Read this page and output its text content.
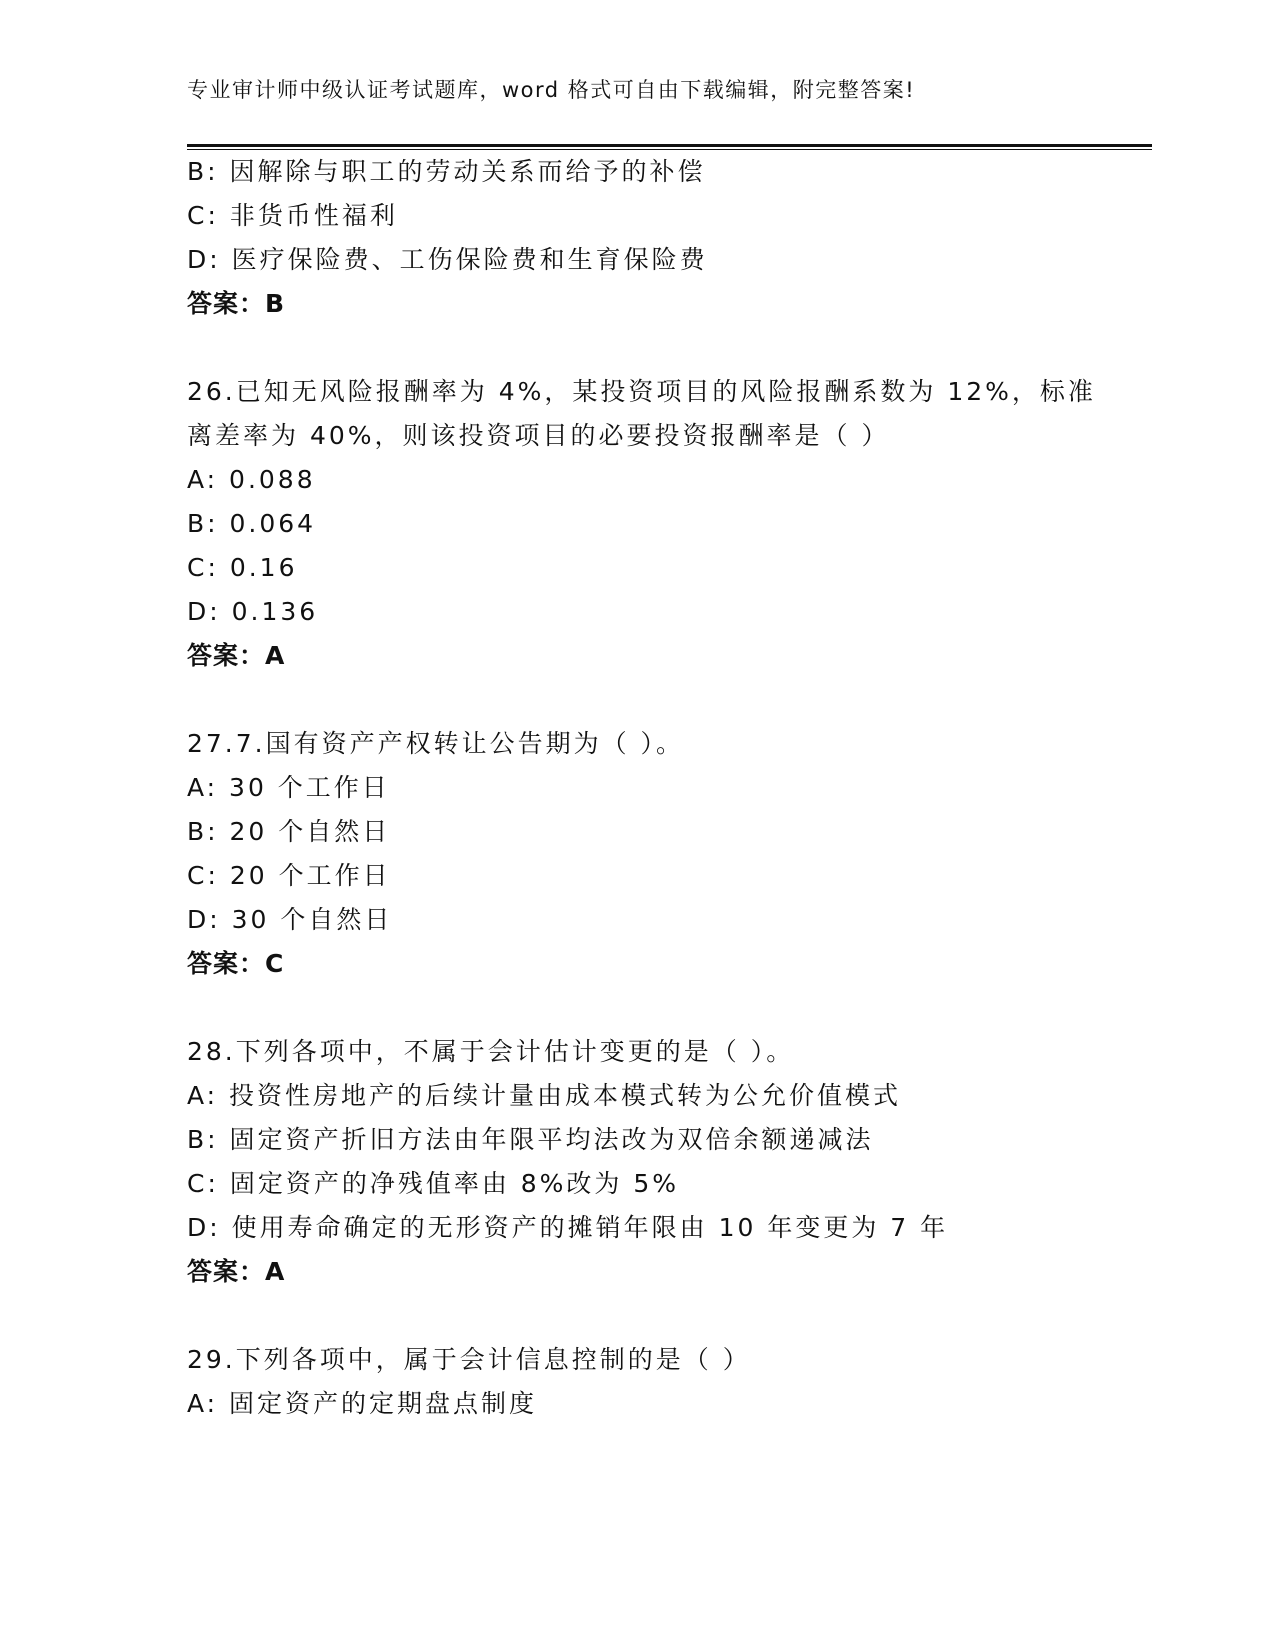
专业审计师中级认证考试题库，word 格式可自由下载编辑，附完整答案!
B: 因解除与职工的劳动关系而给予的补偿
C: 非货币性福利
D: 医疗保险费、工伤保险费和生育保险费
答案：B
26.已知无风险报酬率为 4%，某投资项目的风险报酬系数为 12%，标准
离差率为 40%，则该投资项目的必要投资报酬率是（ ）
A: 0.088
B: 0.064
C: 0.16
D: 0.136
答案：A
27.7.国有资产产权转让公告期为（ ）。
A: 30 个工作日
B: 20 个自然日
C: 20 个工作日
D: 30 个自然日
答案：C
28.下列各项中，不属于会计估计变更的是（ ）。
A: 投资性房地产的后续计量由成本模式转为公允价值模式
B: 固定资产折旧方法由年限平均法改为双倍余额递减法
C: 固定资产的净残值率由 8%改为 5%
D: 使用寿命确定的无形资产的摊销年限由 10 年变更为 7 年
答案：A
29.下列各项中，属于会计信息控制的是（ ）
A: 固定资产的定期盘点制度
